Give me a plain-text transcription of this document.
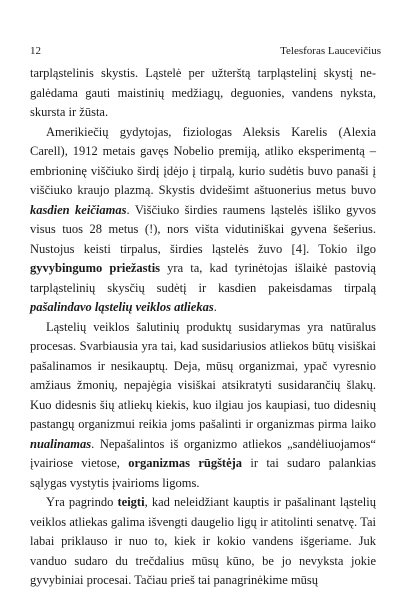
12	Telesforas Laucevičius

tarpląstelinis skystis. Ląstelė per užterštą tarpląstelinį skystį negalėdama gauti maistinių medžiagų, deguonies, vandens nyksta, skursta ir žūsta.

Amerikiečių gydytojas, fiziologas Aleksis Karelis (Alexia Carell), 1912 metais gavęs Nobelio premiją, atliko eksperimentą – embrioninę viščiuko širdį įdėjo į tirpalą, kurio sudėtis buvo panaši į viščiuko kraujo plazmą. Skystis dvidešimt aštuonerius metus buvo kasdien keičiamas. Viščiuko širdies raumens ląstelės išliko gyvos visus tuos 28 metus (!), nors višta vidutiniškai gyvena šešerius. Nustojus keisti tirpalus, širdies ląstelės žuvo [4]. Tokio ilgo gyvybingumo priežastis yra ta, kad tyrinėtojas išlaikė pastovią tarpląstelinių skysčių sudėtį ir kasdien pakeisdamas tirpalą pašalindavo ląstelių veiklos atliekas.

Ląstelių veiklos šalutinių produktų susidarymas yra natūralus procesas. Svarbiausia yra tai, kad susidariusios atliekos būtų visiškai pašalinamos ir nesikauptų. Deja, mūsų organizmai, ypač vyresnio amžiaus žmonių, nepajėgia visiškai atsikratyti susidarančių šlakų. Kuo didesnis šių atliekų kiekis, kuo ilgiau jos kaupiasi, tuo didesnių pastangų organizmui reikia joms pašalinti ir organizmas pirma laiko nualinamas. Nepašalintos iš organizmo atliekos „sandėliuojamos“ įvairiose vietose, organizmas rūgštėja ir tai sudaro palankias sąlygas vystytis įvairioms ligoms.

Yra pagrindo teigti, kad neleidžiant kauptis ir pašalinant ląstelių veiklos atliekas galima išvengti daugelio ligų ir atitolinti senatvę. Tai labai priklauso ir nuo to, kiek ir kokio vandens išgeriame. Juk vanduo sudaro du trečdalius mūsų kūno, be jo nevyksta jokie gyvybiniai procesai. Tačiau prieš tai panagrinėkime mūsų
